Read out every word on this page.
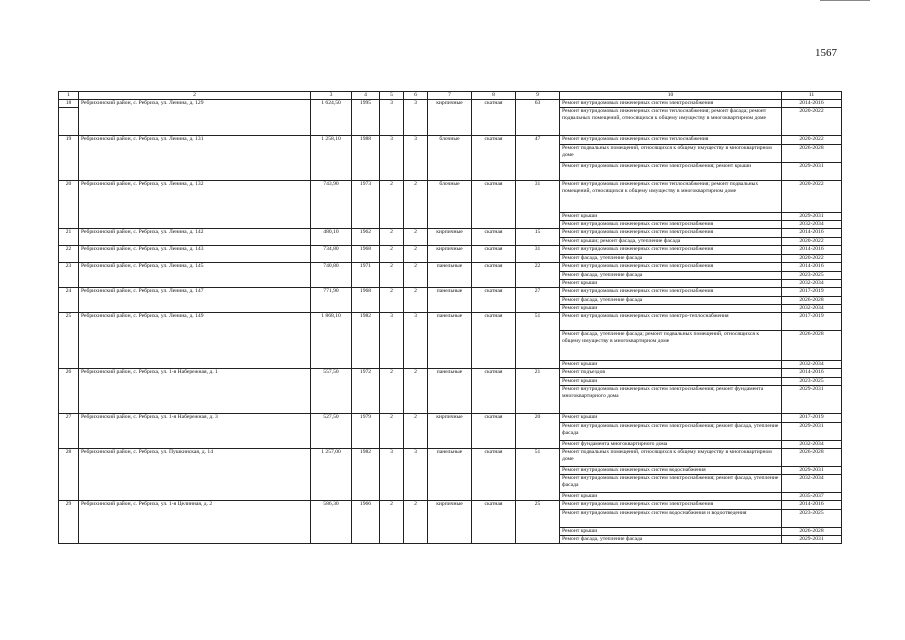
1567
1	2	3	4	5	6	7	8	9	10	11
18	Ребрихинский район, с. Ребриха, ул. Ленина, д. 129	1 624,50	1995	3	3	кирпичные	скатная	63	Ремонт внутридомовых инженерных систем электроснабжения	2014-2016
									Ремонт внутридомовых инженерных систем теплоснабжения; ремонт фасада; ремонт подвальных помещений, относящихся к общему имуществу в многоквартирном доме	2020-2022
19	Ребрихинский район, с. Ребриха, ул. Ленина, д. 131	1 258,10	1988	3	3	блочные	скатная	47	Ремонт внутридомовых инженерных систем теплоснабжения	2020-2022
									Ремонт подвальных помещений, относящихся к общему имуществу в многоквартирном доме	2026-2028
									Ремонт внутридомовых инженерных систем электроснабжения; ремонт крыши	2029-2031
20	Ребрихинский район, с. Ребриха, ул. Ленина, д. 132	743,90	1973	2	2	блочные	скатная	31	Ремонт внутридомовых инженерных систем теплоснабжения; ремонт подвальных помещений, относящихся к общему имуществу в многоквартирном доме	2020-2022
									Ремонт крыши	2029-2031
									Ремонт внутридомовых инженерных систем электроснабжения	2032-2034
21	Ребрихинский район, с. Ребриха, ул. Ленина, д. 142	480,10	1962	2	2	кирпичные	скатная	15	Ремонт внутридомовых инженерных систем электроснабжения	2014-2016
									Ремонт крыши; ремонт фасада, утепление фасада	2020-2022
22	Ребрихинский район, с. Ребриха, ул. Ленина, д. 143	734,80	1968	2	2	кирпичные	скатная	31	Ремонт внутридомовых инженерных систем электроснабжения	2014-2016
									Ремонт фасада, утепление фасада	2020-2022
23	Ребрихинский район, с. Ребриха, ул. Ленина, д. 145	740,80	1971	2	2	панельные	скатная	22	Ремонт внутридомовых инженерных систем электроснабжения	2014-2016
									Ремонт фасада, утепление фасада	2023-2025
									Ремонт крыши	2032-2034
24	Ребрихинский район, с. Ребриха, ул. Ленина, д. 147	771,90	1968	2	2	панельные	скатная	27	Ремонт внутридомовых инженерных систем электроснабжения	2017-2019
									Ремонт фасада, утепление фасада	2026-2028
									Ремонт крыши	2032-2034
25	Ребрихинский район, с. Ребриха, ул. Ленина, д. 149	1 868,10	1982	3	3	панельные	скатная	51	Ремонт внутридомовых инженерных систем электро-теплоснабжения	2017-2019
									Ремонт фасада, утепление фасада; ремонт подвальных помещений, относящихся к общему имуществу в многоквартирном доме	2026-2028
									Ремонт крыши	2032-2034
26	Ребрихинский район, с. Ребриха, ул. 1-я Набережная, д. 1	557,50	1972	2	2	панельные	скатная	21	Ремонт подъездов	2014-2016
									Ремонт крыши	2023-2025
									Ремонт внутридомовых инженерных систем электроснабжения; ремонт фундамента многоквартирного дома	2029-2031
27	Ребрихинский район, с. Ребриха, ул. 1-я Набережная, д. 3	527,50	1979	2	2	кирпичные	скатная	20	Ремонт крыши	2017-2019
									Ремонт внутридомовых инженерных систем электроснабжения; ремонт фасада, утепление фасада	2029-2031
									Ремонт фундамента многоквартирного дома	2032-2034
28	Ребрихинский район, с. Ребриха, ул. Пушкинская, д. 14	1 257,00	1982	3	3	панельные	скатная	51	Ремонт подвальных помещений, относящихся к общему имуществу в многоквартирном доме	2026-2028
									Ремонт внутридомовых инженерных систем водоснабжения	2029-2031
									Ремонт внутридомовых инженерных систем электроснабжения; ремонт фасада, утепление фасада	2032-2034
									Ремонт крыши	2035-2037
29	Ребрихинский район, с. Ребриха, ул. 1-я Целинная, д. 2	586,30	1966	2	2	кирпичные	скатная	25	Ремонт внутридомовых инженерных систем электроснабжения	2014-2016
									Ремонт внутридомовых инженерных систем водоснабжения и водоотведения	2023-2025
									Ремонт крыши	2026-2028
									Ремонт фасада, утепление фасада	2029-2031
